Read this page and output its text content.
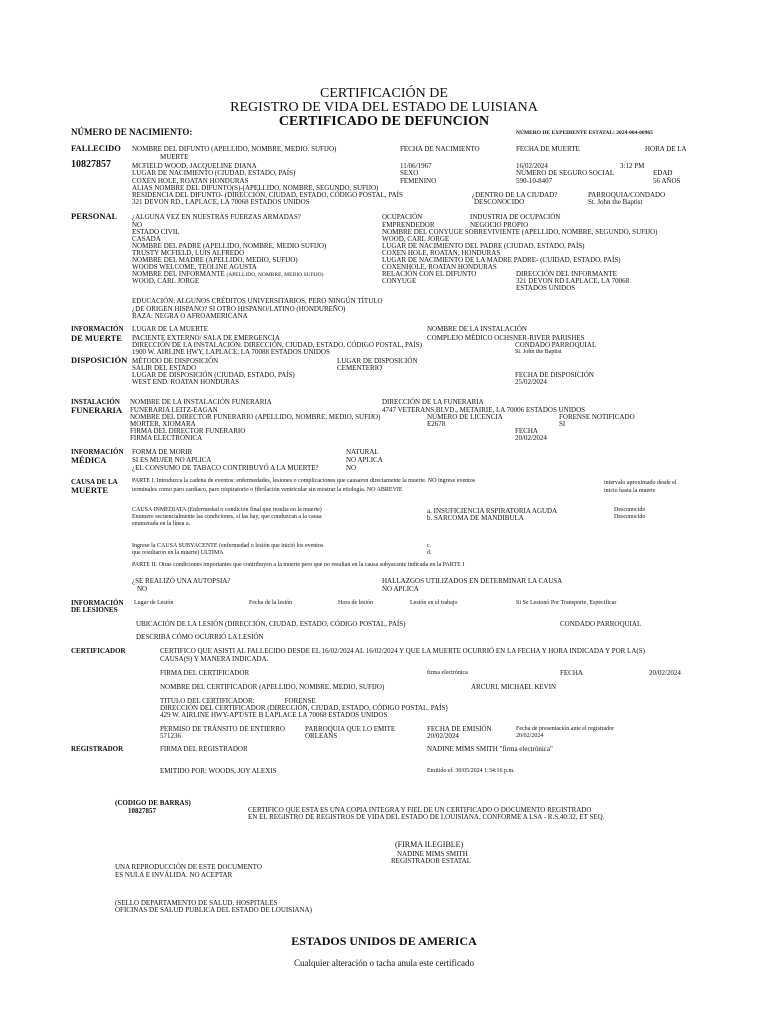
CERTIFICACIÓN DE
REGISTRO DE VIDA DEL ESTADO DE LUISIANA
CERTIFICADO DE DEFUNCION
NÚMERO DE NACIMIENTO:	NÚMERO DE EXPEDIENTE ESTATAL: 2024-004-00965
FALLECIDO
10827857
NOMBRE DEL DIFUNTO (APELLIDO, NOMBRE, MEDIO. SUFIJO)	FECHA DE NACIMIENTO	FECHA DE MUERTE	HORA DE LA
MUERTE
MCFIELD WOOD, JACQUELINE DIANA	11/06/1967	16/02/2024	3:12 PM
LUGAR DE NACIMIENTO (CIUDAD, ESTADO, PAÍS)	SEXO	NÚMERO DE SEGURO SOCIAL	EDAD
COXEN HOLE, ROATAN HONDURAS	FEMENINO	590-10-8407	56 AÑOS
ALIAS NOMBRE DEL DIFUNTO(S)-(APELLIDO, NOMBRE, SEGUNDO, SUFIJO)
RESIDENCIA DEL DIFUNTO- (DIRECCIÓN, CIUDAD, ESTADO, CÓDIGO POSTAL, PAÍS	¿DENTRO DE LA CIUDAD?	PARROQUIA/CONDADO
321 DEVON RD., LAPLACE, LA 70068 ESTADOS UNIDOS	DESCONOCIDO	St. John the Baptist
PERSONAL ¿ALGUNA VEZ EN NUESTRAS FUERZAS ARMADAS?	OCUPACIÓN	INDUSTRIA DE OCUPACIÓN
NO	EMPRENDEDOR	NEGOCIO PROPIO
ESTADO CIVIL	NOMBRE DEL CONYUGE SOBREVIVIENTE (APELLIDO, NOMBRE, SEGUNDO, SUFIJO)
CASADA	WOOD, CARL JORGE
NOMBRE DEL PADRE (APELLIDO, NOMBRE, MEDIO SUFIJO)	LUGAR DE NACIMIENTO DEL PADRE (CIUDAD, ESTADO, PAÍS)
TRUSTY MCFIELD, LUIS ALFREDO	COXEN HOLE, ROATAN, HONDURAS
NOMBRE DEL MADRE (APELLIDO, MEDIO, SUFIJO)	LUGAR DE NACIMIENTO DE LA MADRE PADRE- (CUIDAD, ESTADO, PAÍS)
WOODS WELCOME, TEOLINE AGUSTA	COXENHOLE, ROATAN HONDURAS
NOMBRE DEL INFORMANTE (APELLIDO, NOMBRE, MEDIO SUFIJO)	RELACIÓN CON EL DIFUNTO	DIRECCIÓN DEL INFORMANTE
WOOD, CARL JORGE	CONYUGE	321 DEVON RD LAPLACE, LA 70068
ESTADOS UNIDOS
EDUCACIÓN: ALGUNOS CRÉDITOS UNIVERSITARIOS, PERO NINGÚN TÍTULO
¿DE ORIGEN HISPANO? SI OTRO HISPANO/LATINO (HONDUREÑO)
RAZA: NEGRA O AFROAMERICANA
INFORMACIÓN
DE MUERTE
LUGAR DE LA MUERTE	NOMBRE DE LA INSTALACIÓN
PACIENTE EXTERNO/ SALA DE EMERGENCIA	COMPLEJO MÉDICO OCHSNER-RIVER PARISHES
DIRECCIÓN DE LA INSTALACIÓN: DIRECCIÓN, CIUDAD, ESTADO, CÓDIGO POSTAL, PAÍS)	CONDADO PARROQUIAL
1900 W. AIRLINE HWY, LAPLACE, LA 70088 ESTADOS UNIDOS	St. John the Baptist
DISPOSICIÓN MÉTODO DE DISPOSICIÓN	LUGAR DE DISPOSICIÓN
SALIR DEL ESTADO	CEMENTERIO
LUGAR DE DISPOSICIÓN (CIUDAD, ESTADO, PAÍS)	FECHA DE DISPOSICIÓN
WEST END. ROATAN HONDURAS	25/02/2024
INSTALACIÓN
FUNERARIA
NOMBRE DE LA INSTALACIÓN FUNERARIA	DIRECCIÓN DE LA FUNERARIA
FUNERARIA LEITZ-EAGAN	4747 VETERANS BLVD., METAIRIE, LA 70006 ESTADOS UNIDOS
NOMBRE DEL DIRECTOR FUNERARIO (APELLIDO, NOMBRE, MEDIO, SUFIJO)	NÚMERO DE LICENCIA	FORENSE NOTIFICADO
MORTER, XIOMARA	E2678	SI
FIRMA DEL DIRECTOR FUNERARIO	FECHA
FIRMA ELECTRONICA	20/02/2024
INFORMACIÓN
MÉDICA
FORMA DE MORIR	NATURAL
SI ES MUJER NO APLICA	NO APLICA
¿EL CONSUMO DE TABACO CONTRIBUYÓ A LA MUERTE?	NO
CAUSA DE LA
MUERTE
PARTE I. Introduzca la cadena de eventos: enfermedades, lesiones o complicaciones que causaron directamente la muerte. NO ingrese eventos
terminales como paro cardíaco, paro respiratorio o fibrilación ventricular sin mostrar la etiología. NO ABREVIE
intervalo aproximado desde el
inicio hasta la muerte
CAUSA INMEDIATA (Enfermedad o condición final que resulta en la muerte)
Enumere secuencialmente las condiciones, si las hay, que conduzcan a la causa
enumerada en la línea a.
a. INSUFICIENCIA RSPIRATORIA AGUDA
b. SARCOMA DE MANDIBULA
Desconocido
Desconocido
Ingrese la CAUSA SUBYACENTE (enfermedad o lesión que inició los eventos
que resultaron en la muerte) ULTIMA
c.
d.
PARTE II. Otras condiciones importantes que contribuyen a la muerte pero que no resultan en la causa subyacente indicada en la PARTE I
¿SE REALIZÓ UNA AUTOPSIA?	HALLAZGOS UTILIZADOS EN DETERMINAR LA CAUSA
NO	NO APLICA
INFORMACIÓN
DE LESIONES
Lugar de Lesión	Fecha de la lesión	Hora de lesión	Lesión en el trabajo	Si Se Lesionó Por Transporte, Especificar
UBICACIÓN DE LA LESIÓN (DIRECCIÓN, CIUDAD, ESTADO, CÓDIGO POSTAL, PAÍS)	CONDADO PARROQUIAL
DESCRIBA CÓMO OCURRIÓ LA LESIÓN
CERTIFICADOR	CERTIFICO QUE ASISTI AL FALLECIDO DESDE EL 16/02/2024 AL 16/02/2024 Y QUE LA MUERTE OCURRIÓ EN LA FECHA Y HORA INDICADA Y POR LA(S)
CAUSA(S) Y MANERA INDICADA.
FIRMA DEL CERTIFICADOR	firma electrónica	FECHA	20/02/2024
NOMBRE DEL CERTIFICADOR (APELLIDO, NOMBRE, MEDIO, SUFIJO)	ARCURI, MICHAEL KEVIN
TITULO DEL CERTIFICADOR:	FORENSE
DIRECCIÓN DEL CERTIFICADOR (DIRECCIÓN, CIUDAD, ESTADO, CÓDIGO POSTAL, PAÍS)
429 W. AIRLINE HWY-APT/STE B LAPLACE LA 70068 ESTADOS UNIDOS
PERMISO DE TRÁNSITO DE ENTIERRO	PARROQUIA QUE LO EMITE	FECHA DE EMISIÓN	Fecha de presentación ante el registrador
571236	ORLEANS	20/02/2024	20/02/2024
REGISTRADOR	FIRMA DEL REGISTRADOR	NADINE MIMS SMITH "firma electrónica"
EMITIDO POR: WOODS, JOY ALEXIS	Emitido el: 30/05/2024 1:34:16 p.m.
(CODIGO DE BARRAS)
10827857	CERTIFICO QUE ESTA ES UNA COPIA INTEGRA Y FIEL DE UN CERTIFICADO O DOCUMENTO REGISTRADO
EN EL REGISTRO DE REGISTROS DE VIDA DEL ESTADO DE LOUISIANA, CONFORME A LSA - R.S.40:32, ET SEQ.
(FIRMA ILEGIBLE)
NADINE MIMS SMITH
REGISTRADOR ESTATAL
UNA REPRODUCCIÓN DE ESTE DOCUMENTO
ES NULA E INVÁLIDA. NO ACEPTAR
(SELLO DEPARTAMENTO DE SALUD, HOSPITALES
OFICINAS DE SALUD PUBLICA DEL ESTADO DE LOUISIANA)
ESTADOS UNIDOS DE AMERICA
Cualquier alteración o tacha anula este certificado
